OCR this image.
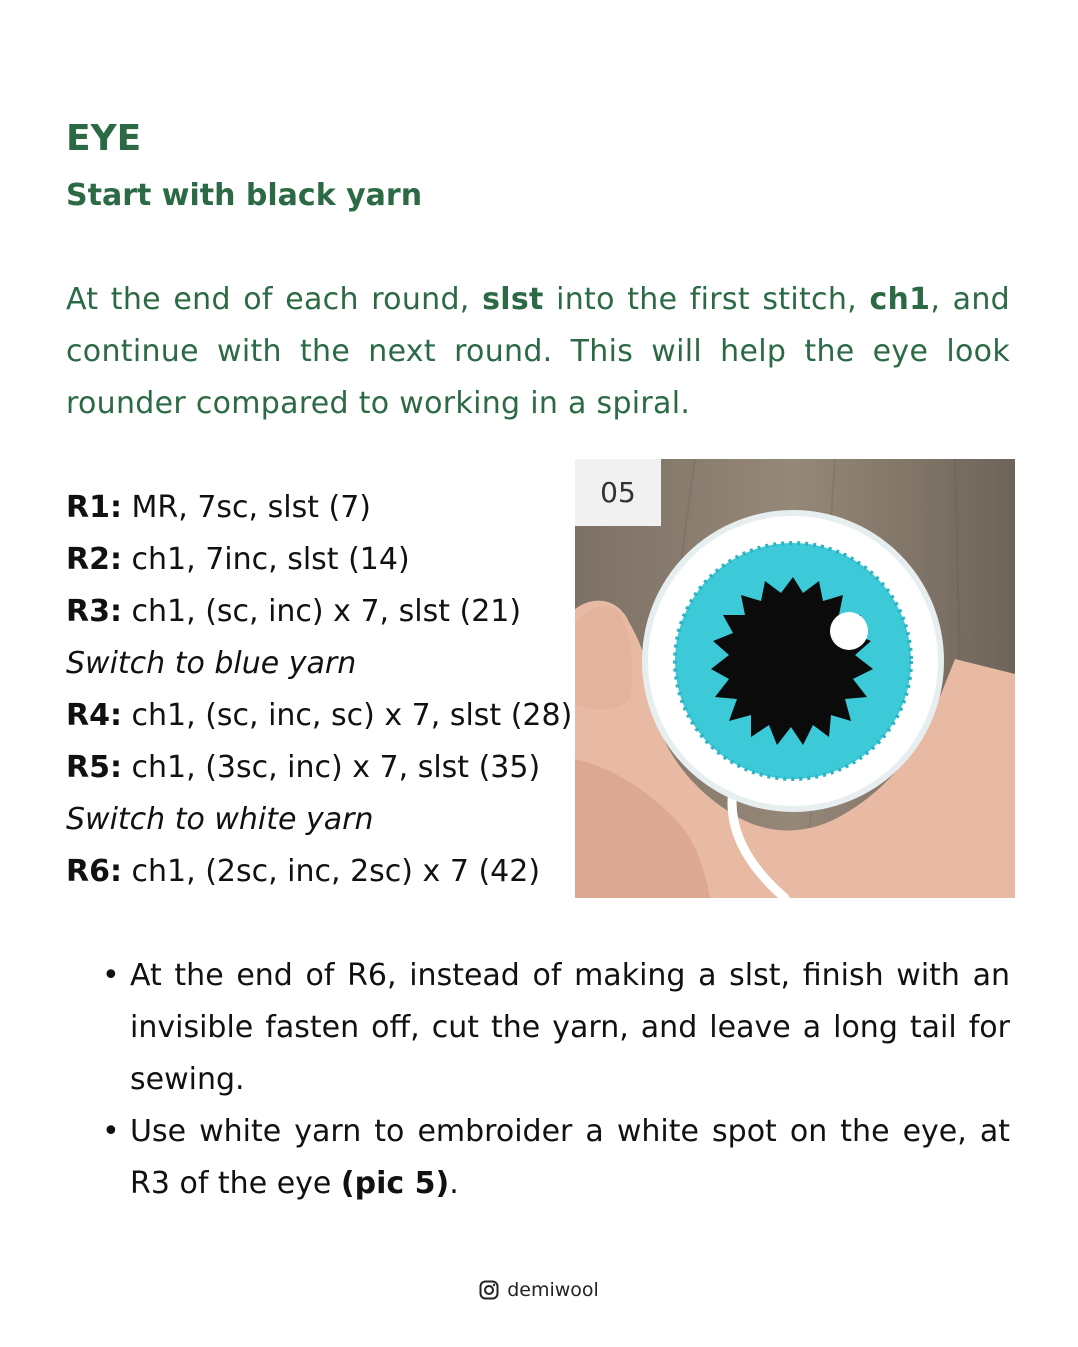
EYE
Start with black yarn

At the end of each round, slst into the first stitch, ch1, and continue with the next round. This will help the eye look rounder compared to working in a spiral.

R1: MR, 7sc, slst (7)
R2: ch1, 7inc, slst (14)
R3: ch1, (sc, inc) x 7, slst (21)
Switch to blue yarn
R4: ch1, (sc, inc, sc) x 7, slst (28)
R5: ch1, (3sc, inc) x 7, slst (35)
Switch to white yarn
R6: ch1, (2sc, inc, 2sc) x 7 (42)
05
• At the end of R6, instead of making a slst, finish with an invisible fasten off, cut the yarn, and leave a long tail for sewing.
• Use white yarn to embroider a white spot on the eye, at R3 of the eye (pic 5).
demiwool
